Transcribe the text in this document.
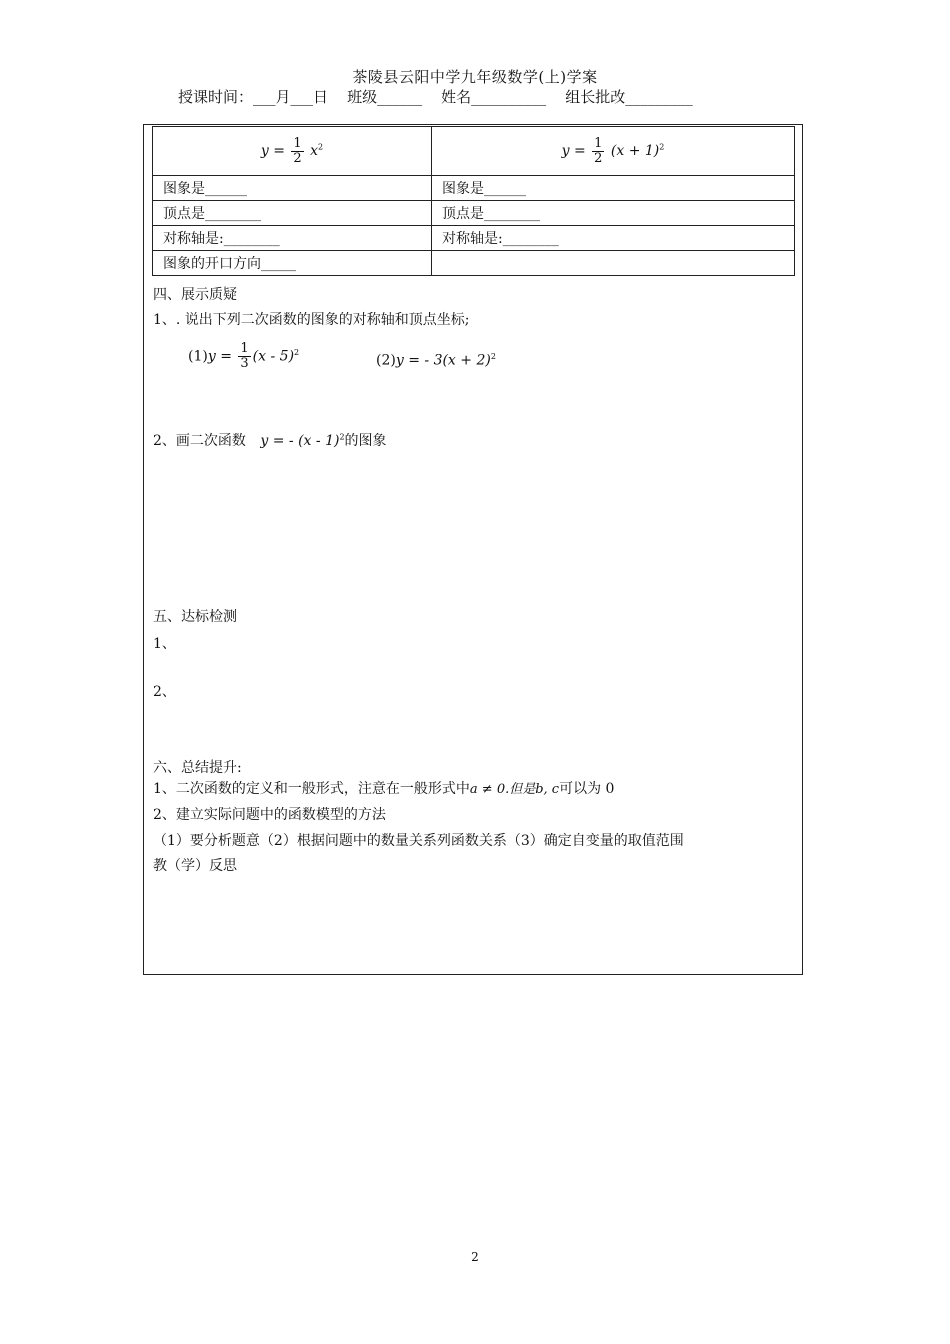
茶陵县云阳中学九年级数学(上)学案
授课时间：___月___日    班级______    姓名__________    组长批改_________
$y = \frac{1}{2} x^2$	$y = \frac{1}{2} (x + 1)^2$
图象是______	图象是______
顶点是________	顶点是________
对称轴是:________	对称轴是:________
图象的开口方向_____	
四、展示质疑
1、. 说出下列二次函数的图象的对称轴和顶点坐标;
$(1)y = \frac{1}{3} (x - 5)^2$
(2)y = - $3(x + 2)^2$
2、画二次函数 y = - (x - 1)$^2$的图象
五、达标检测
1、
2、
六、总结提升:
1、二次函数的定义和一般形式，注意在一般形式中a ≠ 0.但是b, c可以为 0
2、建立实际问题中的函数模型的方法
（1）要分析题意（2）根据问题中的数量关系列函数关系（3）确定自变量的取值范围
教（学）反思
2
